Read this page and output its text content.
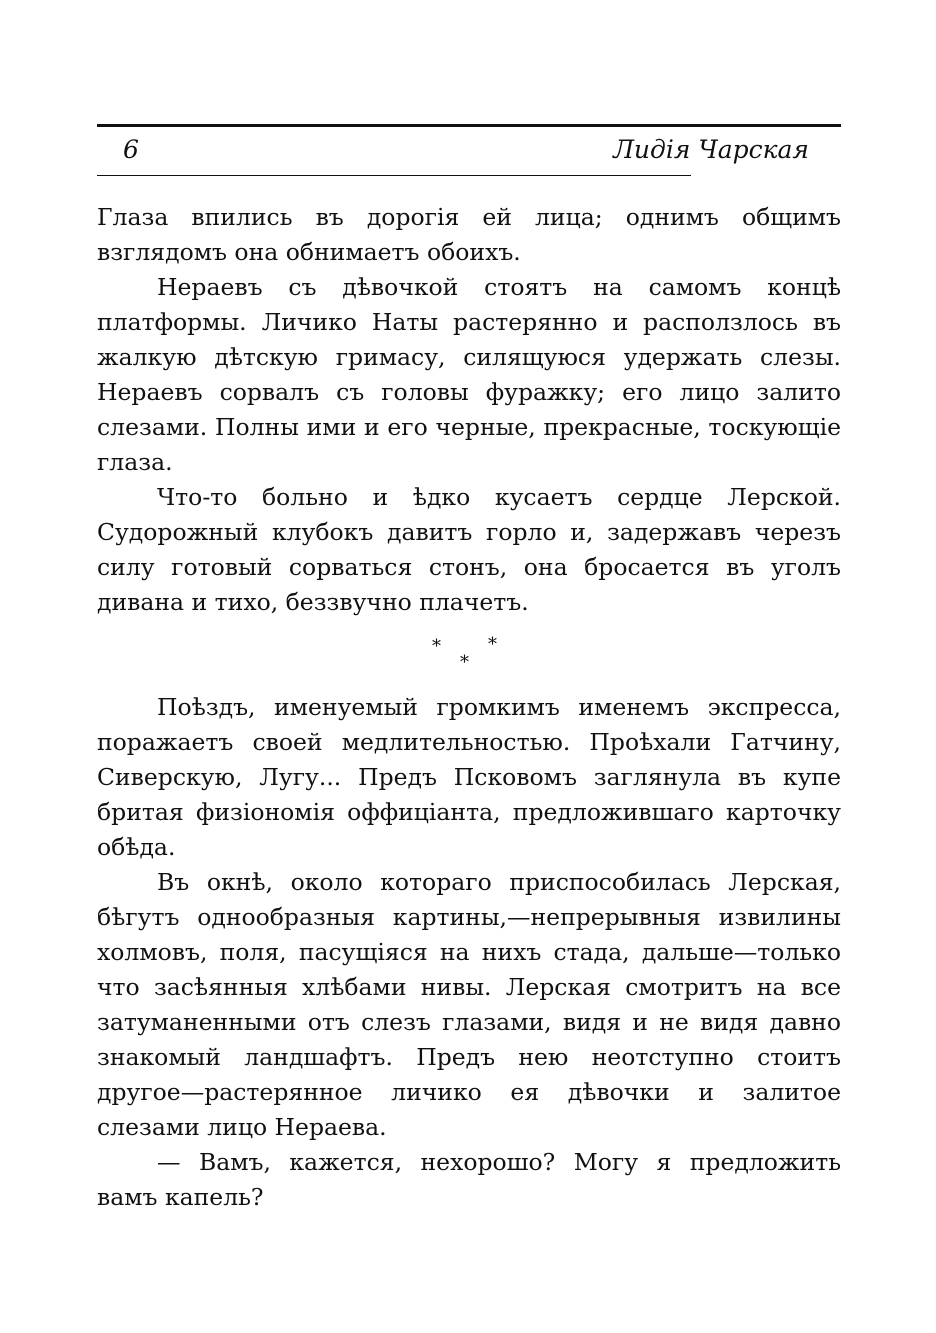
6	Лидія Чарская

Глаза впились въ дорогія ей лица; однимъ общимъ взглядомъ она обнимаетъ обоихъ.

Нераевъ съ дѣвочкой стоятъ на самомъ концѣ платформы. Личико Наты растерянно и расползлось въ жалкую дѣтскую гримасу, силящуюся удержать слезы. Нераевъ сорвалъ съ головы фуражку; его лицо залито слезами. Полны ими и его черные, прекрасные, тоскующіе глаза.

Что-то больно и ѣдко кусаетъ сердце Лерской. Судорожный клубокъ давитъ горло и, задержавъ черезъ силу готовый сорваться стонъ, она бросается въ уголъ дивана и тихо, беззвучно плачетъ.

*	*
*

Поѣздъ, именуемый громкимъ именемъ экспресса, поражаетъ своей медлительностью. Проѣхали Гатчину, Сиверскую, Лугу... Предъ Псковомъ заглянула въ купе бритая физіономія оффиціанта, предложившаго карточку обѣда.

Въ окнѣ, около котораго приспособилась Лерская, бѣгутъ однообразныя картины,—непрерывныя извилины холмовъ, поля, пасущіяся на нихъ стада, дальше—только что засѣянныя хлѣбами нивы. Лерская смотритъ на все затуманенными отъ слезъ глазами, видя и не видя давно знакомый ландшафтъ. Предъ нею неотступно стоитъ другое—растерянное личико ея дѣвочки и залитое слезами лицо Нераева.

— Вамъ, кажется, нехорошо? Могу я предложить вамъ капель?
